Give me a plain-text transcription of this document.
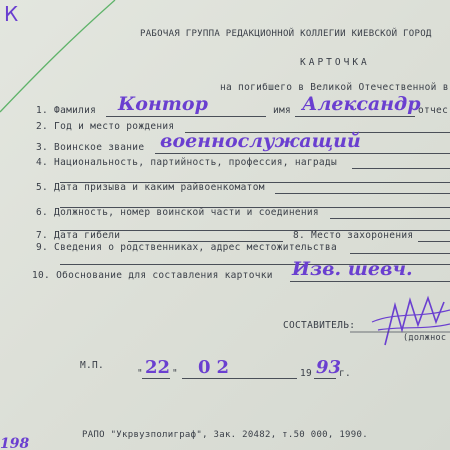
К
РАБОЧАЯ ГРУППА РЕДАКЦИОННОЙ КОЛЛЕГИИ КИЕВСКОЙ ГОРОД
КАРТОЧКА
на погибшего в Великой Отечественной в
1. Фамилия Контор	имя Александр
отчес
2. Год и место рождения
3. Воинское звание военнослужащий
4. Национальность, партийность, профессия, награды
5. Дата призыва и каким райвоенкоматом
6. Должность, номер воинской части и соединения
7. Дата гибели	8. Место захоронения
9. Сведения о родственниках, адрес местожительства
10. Обоснование для составления карточки Изв. шевч.
СОСТАВИТЕЛЬ:
(должнос
М.П.
" 22 " 02	19 93
г.
РАПО "Укрвузполиграф", Зак. 20482, т.50 000, 1990.
198
